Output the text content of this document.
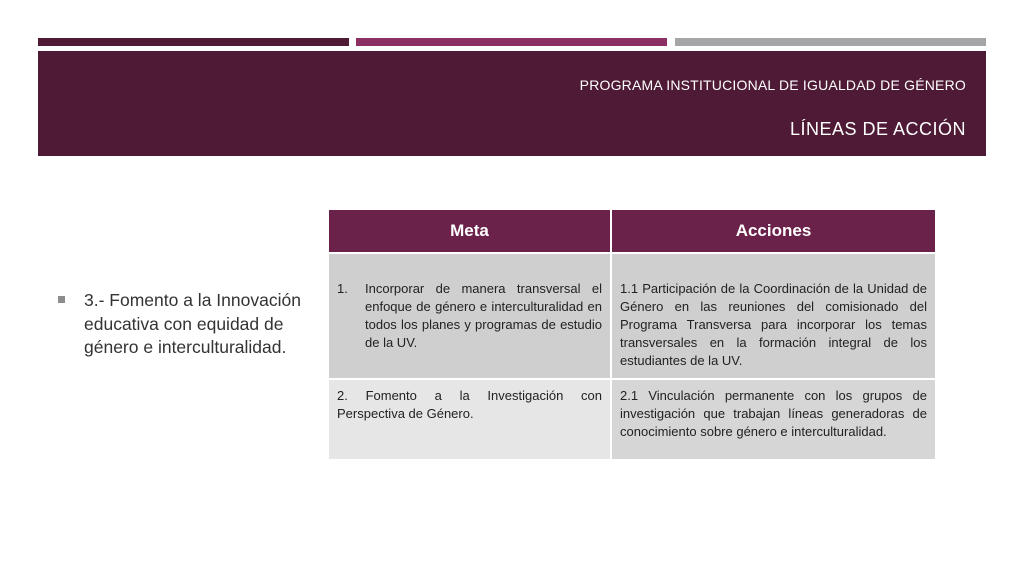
PROGRAMA INSTITUCIONAL DE IGUALDAD DE GÉNERO
LÍNEAS DE ACCIÓN
3.- Fomento a la Innovación educativa con equidad de género e interculturalidad.
Meta	Acciones

1. Incorporar de manera transversal el enfoque de género e interculturalidad en todos los planes y programas de estudio de la UV.	1.1 Participación de la Coordinación de la Unidad de Género en las reuniones del comisionado del Programa Transversa para incorporar los temas transversales en la formación integral de los estudiantes de la UV.
2. Fomento a la Investigación con Perspectiva de Género.	2.1 Vinculación permanente con los grupos de investigación que trabajan líneas generadoras de conocimiento sobre género e interculturalidad.
